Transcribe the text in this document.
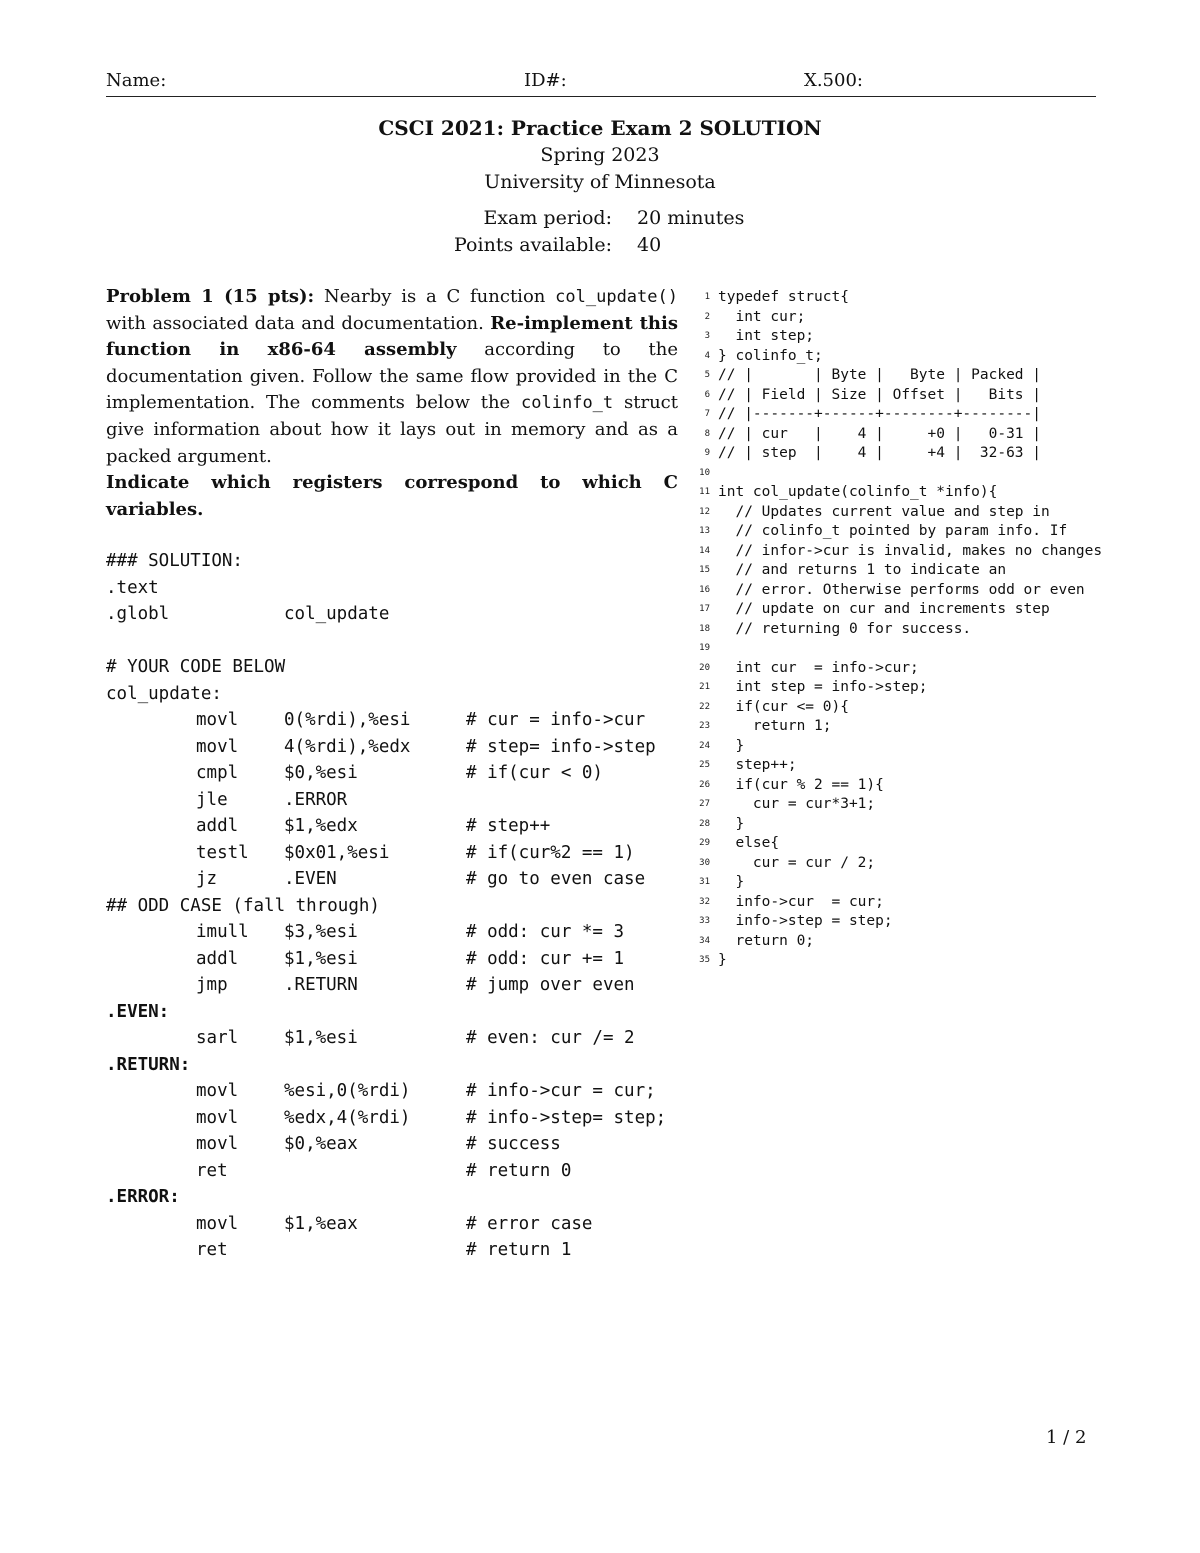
Name:	ID#:	X.500:
CSCI 2021: Practice Exam 2 SOLUTION
Spring 2023
University of Minnesota
Exam period: 20 minutes
Points available: 40
Problem 1 (15 pts): Nearby is a C function col_update() with associated data and documentation. Re-implement this function in x86-64 assembly according to the documentation given. Follow the same flow provided in the C implementation. The comments below the colinfo_t struct give information about how it lays out in memory and as a packed argument.
Indicate which registers correspond to which C variables.
### SOLUTION:
.text
.globl	col_update
# YOUR CODE BELOW
col_update:
movl	0(%rdi),%esi	# cur = info->cur
movl	4(%rdi),%edx	# step= info->step
cmpl	$0,%esi	# if(cur < 0)
jle	.ERROR
addl	$1,%edx	# step++
testl $0x01,%esi	# if(cur%2 == 1)
jz	.EVEN	# go to even case
## ODD CASE (fall through)
imull $3,%esi	# odd: cur *= 3
addl	$1,%esi	# odd: cur += 1
jmp	.RETURN	# jump over even
.EVEN:
sarl	$1,%esi	# even: cur /= 2
.RETURN:
movl	%esi,0(%rdi)	# info->cur = cur;
movl	%edx,4(%rdi)	# info->step= step;
movl	$0,%eax	# success
ret	# return 0
.ERROR:
movl	$1,%eax	# error case
ret	# return 1
1 typedef struct{
2 int cur;
3 int step;
4 } colinfo_t;
5 // |       | Byte |   Byte | Packed |
6 // | Field | Size | Offset |   Bits |
7 // |-------+------+--------+--------|
8 // | cur   |    4 |     +0 |   0-31 |
9 // | step  |    4 |     +4 |  32-63 |
10
11 int col_update(colinfo_t *info){
12 // Updates current value and step in
13 // colinfo_t pointed by param info. If
14 // infor->cur is invalid, makes no changes
15 // and returns 1 to indicate an
16 // error. Otherwise performs odd or even
17 // update on cur and increments step
18 // returning 0 for success.
19
20 int cur  = info->cur;
21 int step = info->step;
22 if(cur <= 0){
23 return 1;
24 }
25 step++;
26 if(cur % 2 == 1){
27 cur = cur*3+1;
28 }
29 else{
30 cur = cur / 2;
31 }
32 info->cur  = cur;
33 info->step = step;
34 return 0;
35 }
1 / 2
